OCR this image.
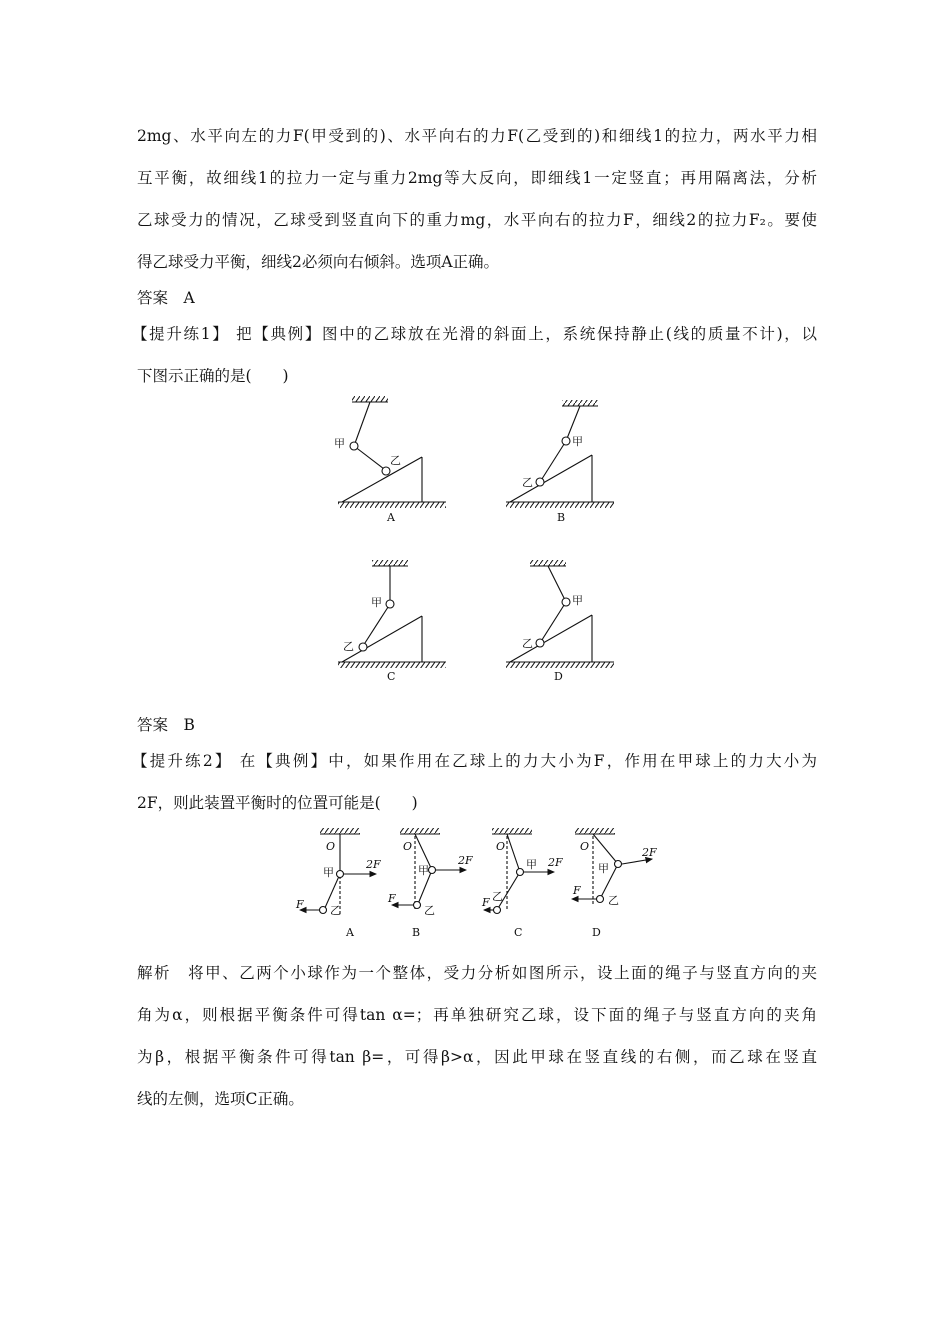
2mg、水平向左的力F(甲受到的)、水平向右的力F(乙受到的)和细线1的拉力，两水平力相
互平衡，故细线1的拉力一定与重力2mg等大反向，即细线1一定竖直；再用隔离法，分析
乙球受力的情况，乙球受到竖直向下的重力mg，水平向右的拉力F，细线2的拉力F₂。要使
得乙球受力平衡，细线2必须向右倾斜。选项A正确。
答案　A
【提升练1】 把【典例】图中的乙球放在光滑的斜面上，系统保持静止(线的质量不计)，以
下图示正确的是(　　)
甲
乙
甲
乙
甲
乙
甲
乙
A	B
C	D
答案　B
【提升练2】 在【典例】中，如果作用在乙球上的力大小为F，作用在甲球上的力大小为
2F，则此装置平衡时的位置可能是(　　)
O
甲
2F
乙
F
A
O
甲
2F
乙
F
B
O
甲 2F
乙
F
C
O
甲
2F
乙
F
D
解析　将甲、乙两个小球作为一个整体，受力分析如图所示，设上面的绳子与竖直方向的夹
角为α，则根据平衡条件可得tan α=；再单独研究乙球，设下面的绳子与竖直方向的夹角
为β，根据平衡条件可得tan β=，可得β>α，因此甲球在竖直线的右侧，而乙球在竖直
线的左侧，选项C正确。
